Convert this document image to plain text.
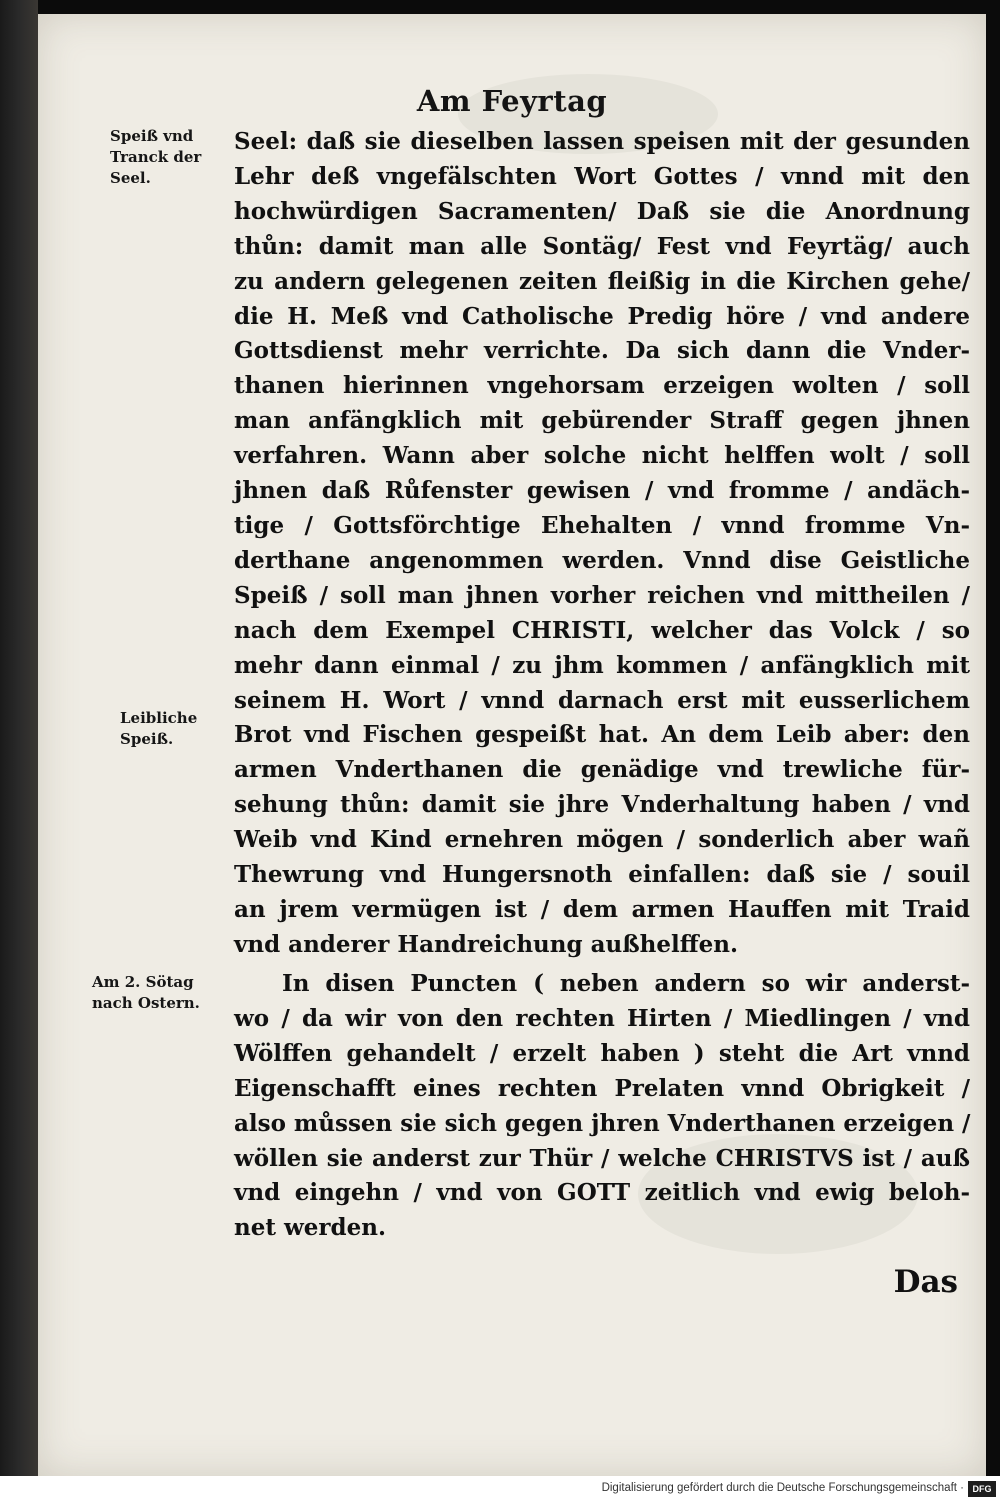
Am Feyrtag
Speiß vnd
Tranck der
Seel.
Leibliche
Speiß.
Am 2. Sötag
nach Ostern.
Seel: daß sie dieselben lassen speisen mit der gesunden
Lehr deß vngefälschten Wort Gottes / vnnd mit den
hochwürdigen Sacramenten/ Daß sie die Anordnung
thůn: damit man alle Sontäg/ Fest vnd Feyrtäg/ auch
zu andern gelegenen zeiten fleißig in die Kirchen gehe/
die H. Meß vnd Catholische Predig höre / vnd andere
Gottsdienst mehr verrichte. Da sich dann die Vnder-
thanen hierinnen vngehorsam erzeigen wolten / soll
man anfängklich mit gebürender Straff gegen jhnen
verfahren. Wann aber solche nicht helffen wolt / soll
jhnen daß Růfenster gewisen / vnd fromme / andäch-
tige / Gottsförchtige Ehehalten / vnnd fromme Vn-
derthane angenommen werden. Vnnd dise Geistliche
Speiß / soll man jhnen vorher reichen vnd mittheilen /
nach dem Exempel CHRISTI, welcher das Volck / so
mehr dann einmal / zu jhm kommen / anfängklich mit
seinem H. Wort / vnnd darnach erst mit eusserlichem
Brot vnd Fischen gespeißt hat. An dem Leib aber: den
armen Vnderthanen die genädige vnd trewliche für-
sehung thůn: damit sie jhre Vnderhaltung haben / vnd
Weib vnd Kind ernehren mögen / sonderlich aber wañ
Thewrung vnd Hungersnoth einfallen: daß sie / souil
an jrem vermügen ist / dem armen Hauffen mit Traid
vnd anderer Handreichung außhelffen.
In disen Puncten ( neben andern so wir anderst-
wo / da wir von den rechten Hirten / Miedlingen / vnd
Wölffen gehandelt / erzelt haben ) steht die Art vnnd
Eigenschafft eines rechten Prelaten vnnd Obrigkeit /
also můssen sie sich gegen jhren Vnderthanen erzeigen /
wöllen sie anderst zur Thür / welche CHRISTVS ist / auß
vnd eingehn / vnd von GOTT zeitlich vnd ewig beloh-
net werden.
Das
Digitalisierung gefördert durch die Deutsche Forschungsgemeinschaft · DFG
